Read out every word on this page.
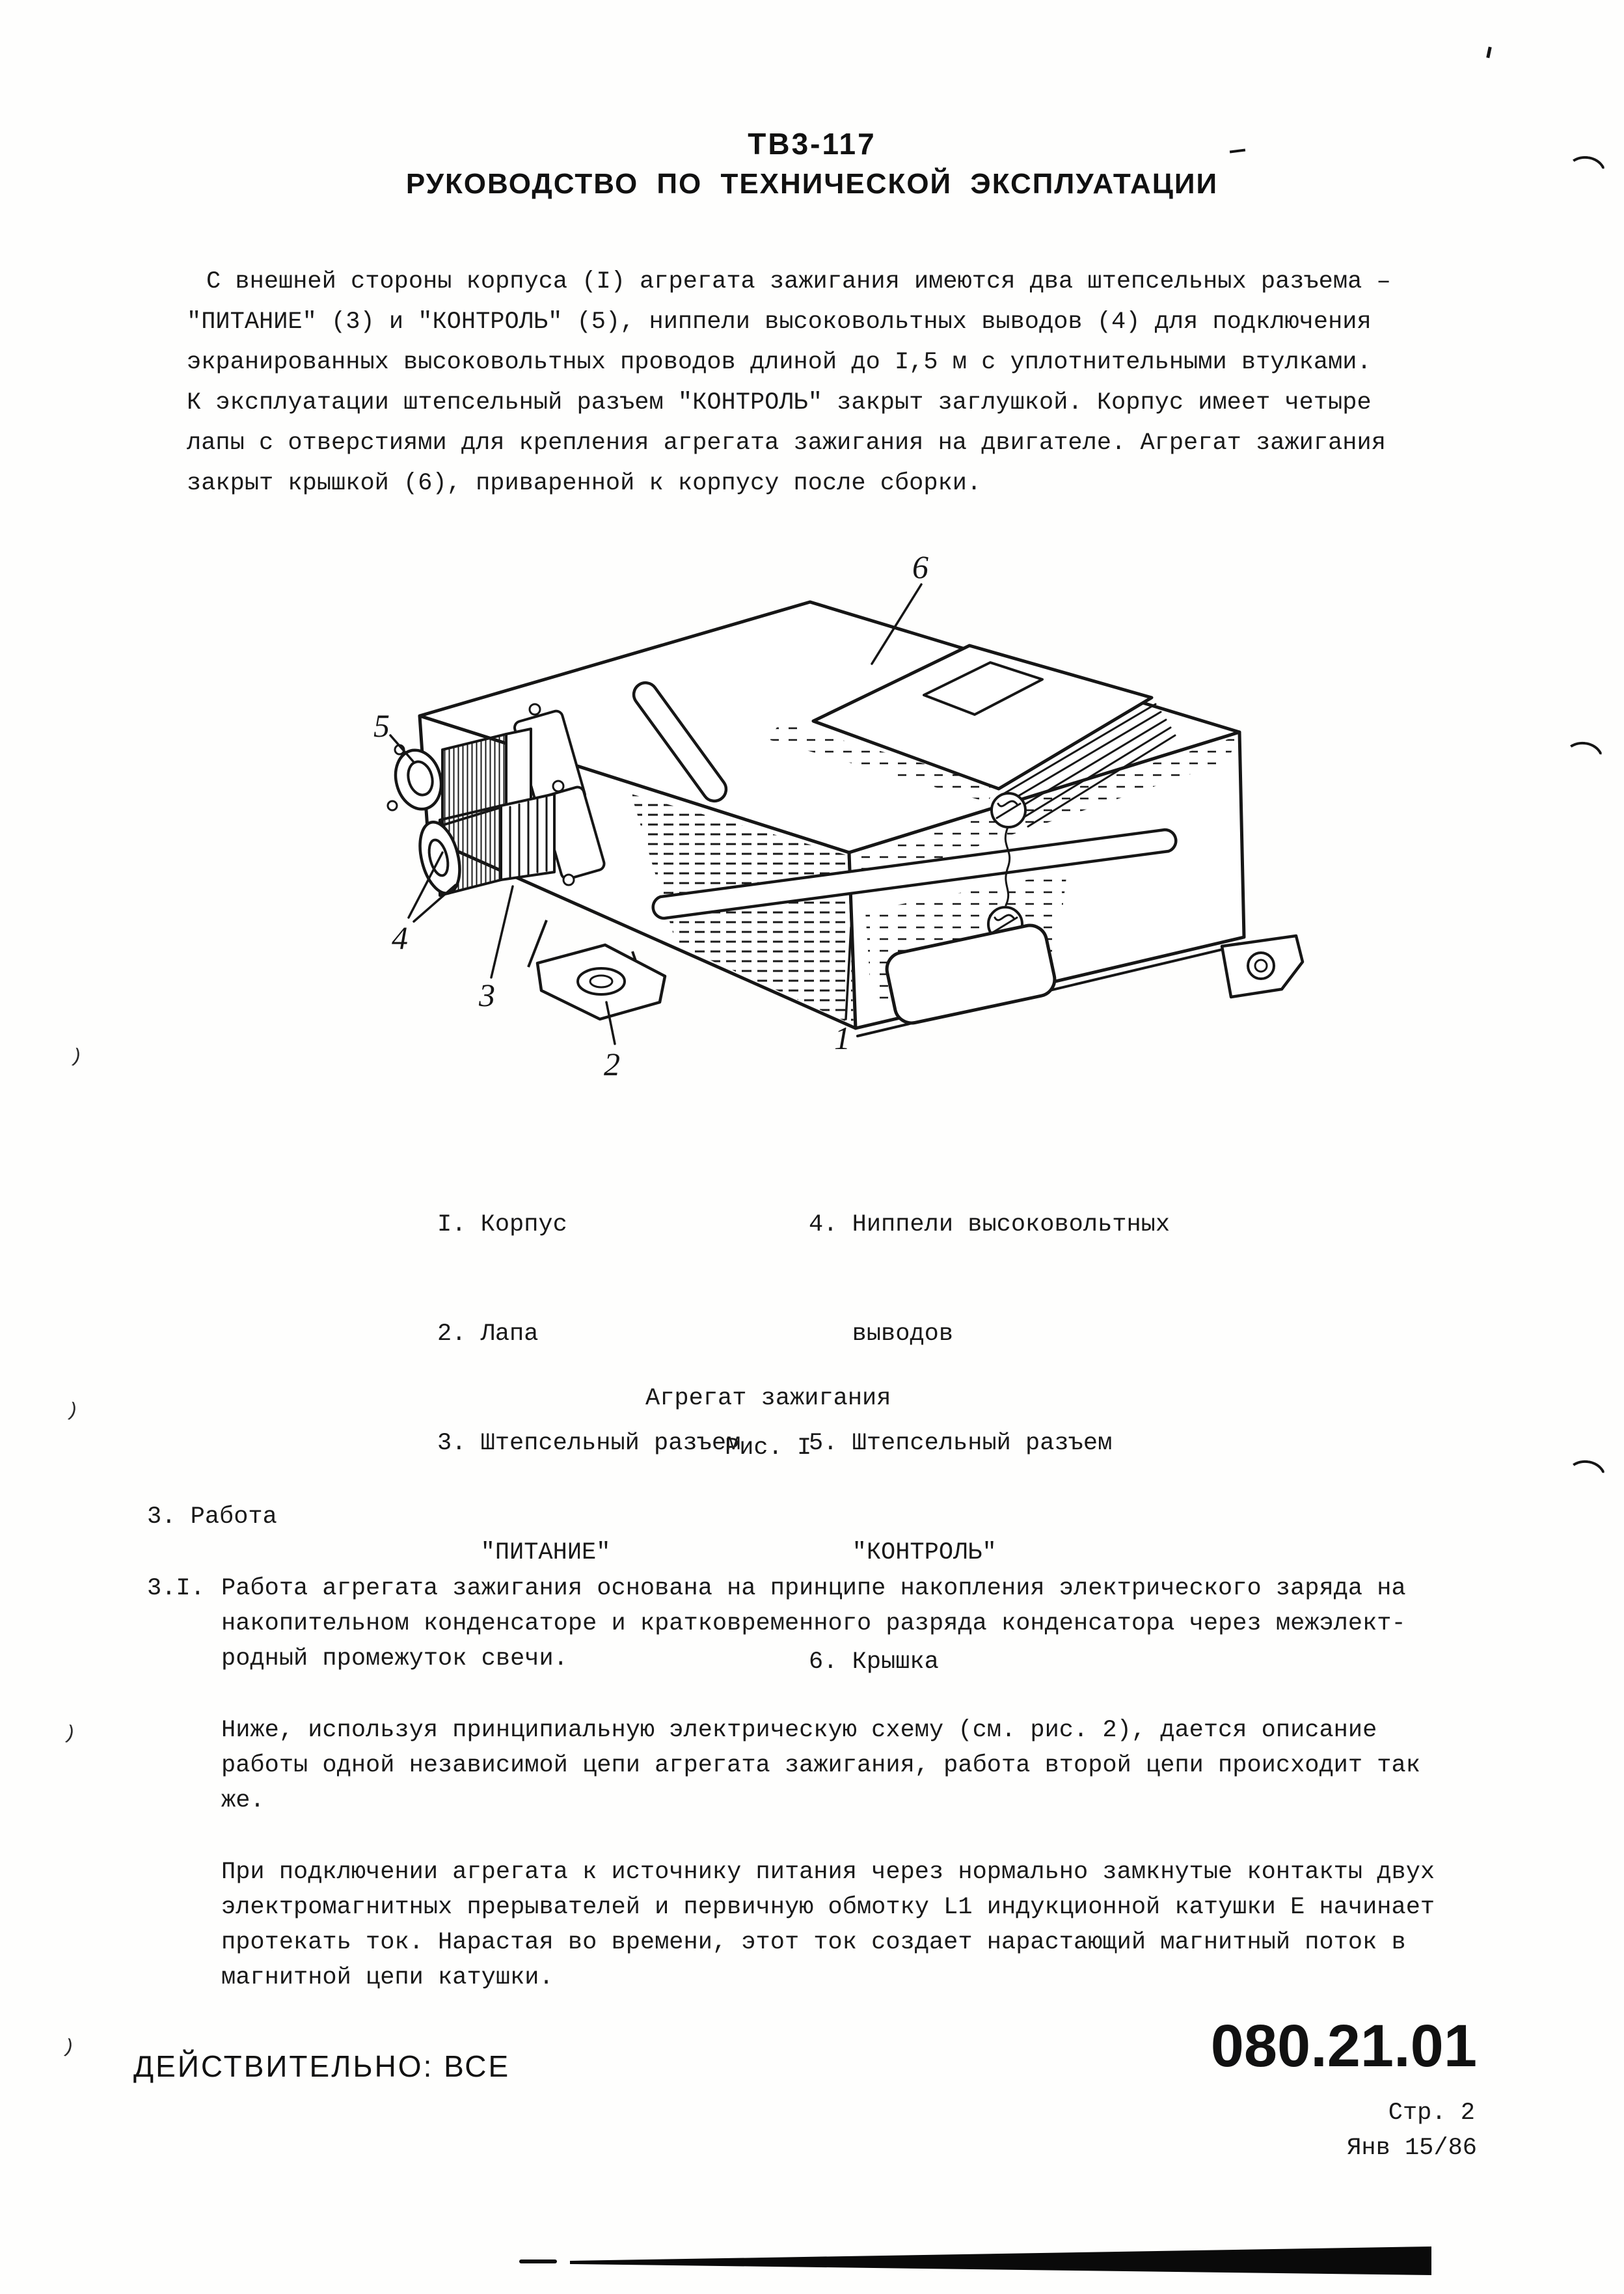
ТВ3-117
РУКОВОДСТВО ПО ТЕХНИЧЕСКОЙ ЭКСПЛУАТАЦИИ
С внешней стороны корпуса (I) агрегата зажигания имеются два штепсельных разъема –
"ПИТАНИЕ" (3) и "КОНТРОЛЬ" (5), ниппели высоковольтных выводов (4) для подключения
экранированных высоковольтных проводов длиной до I,5 м с уплотнительными втулками.
К эксплуатации штепсельный разъем "КОНТРОЛЬ" закрыт заглушкой. Корпус имеет четыре
лапы с отверстиями для крепления агрегата зажигания на двигателе. Агрегат зажигания
закрыт крышкой (6), приваренной к корпусу после сборки.
6
5
4
3
2
1

I. Корпус

2. Лапа

3. Штепсельный разъем

"ПИТАНИЕ"

4. Ниппели высоковольтных

выводов

5. Штепсельный разъем

"КОНТРОЛЬ"

6. Крышка

Агрегат зажигания
Рис. I
3. Работа
3.I. Работа агрегата зажигания основана на принципе накопления электрического заряда на
накопительном конденсаторе и кратковременного разряда конденсатора через межэлект-
родный промежуток свечи.
Ниже, используя принципиальную электрическую схему (см. рис. 2), дается описание
работы одной независимой цепи агрегата зажигания, работа второй цепи происходит так
же.
При подключении агрегата к источнику питания через нормально замкнутые контакты двух
электромагнитных прерывателей и первичную обмотку L1 индукционной катушки Е начинает
протекать ток. Нарастая во времени, этот ток создает нарастающий магнитный поток в
магнитной цепи катушки.
ДЕЙСТВИТЕЛЬНО: ВСЕ	080.21.01
Стр. 2
Янв 15/86
)
)
)
)
